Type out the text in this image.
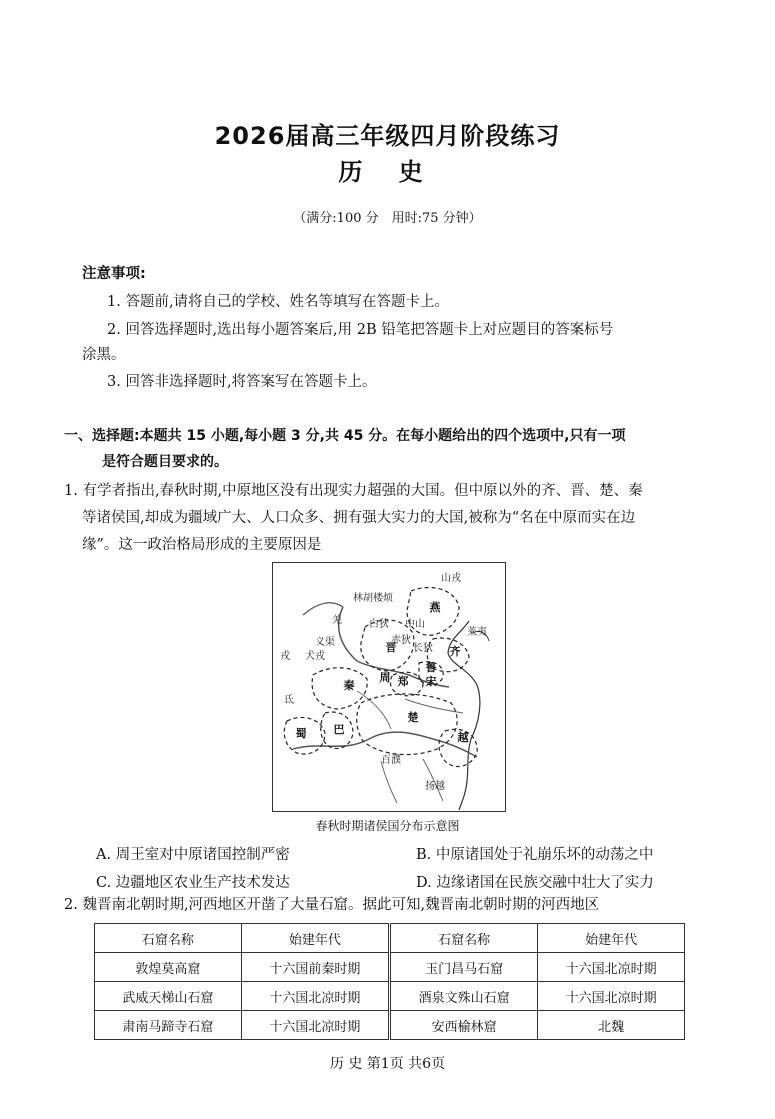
2026届高三年级四月阶段练习
历 史
（满分:100 分　用时:75 分钟）
注意事项:
1. 答题前,请将自己的学校、姓名等填写在答题卡上。
2. 回答选择题时,选出每小题答案后,用 2B 铅笔把答题卡上对应题目的答案标号
涂黑。
3. 回答非选择题时,将答案写在答题卡上。
一、选择题:本题共 15 小题,每小题 3 分,共 45 分。在每小题给出的四个选项中,只有一项
是符合题目要求的。
1. 有学者指出,春秋时期,中原地区没有出现实力超强的大国。但中原以外的齐、晋、楚、秦
等诸侯国,却成为疆域广大、人口众多、拥有强大实力的大国,被称为“名在中原而实在边
缘”。这一政治格局形成的主要原因是
燕
齐
晋
秦
楚
越
蜀 巴
鲁
宋
郑
周
山戎
林胡 楼烦
中山
白狄
赤狄
莱夷
戎 犬戎
义渠
氐
百濮
扬越
羌
长狄
春秋时期诸侯国分布示意图
A. 周王室对中原诸国控制严密	B. 中原诸国处于礼崩乐坏的动荡之中
C. 边疆地区农业生产技术发达	D. 边缘诸国在民族交融中壮大了实力
2. 魏晋南北朝时期,河西地区开凿了大量石窟。据此可知,魏晋南北朝时期的河西地区
石窟名称	始建年代	石窟名称	始建年代
敦煌莫高窟	十六国前秦时期	玉门昌马石窟	十六国北凉时期
武威天梯山石窟	十六国北凉时期	酒泉文殊山石窟	十六国北凉时期
肃南马蹄寺石窟	十六国北凉时期	安西榆林窟	北魏
历 史 第1页 共6页
